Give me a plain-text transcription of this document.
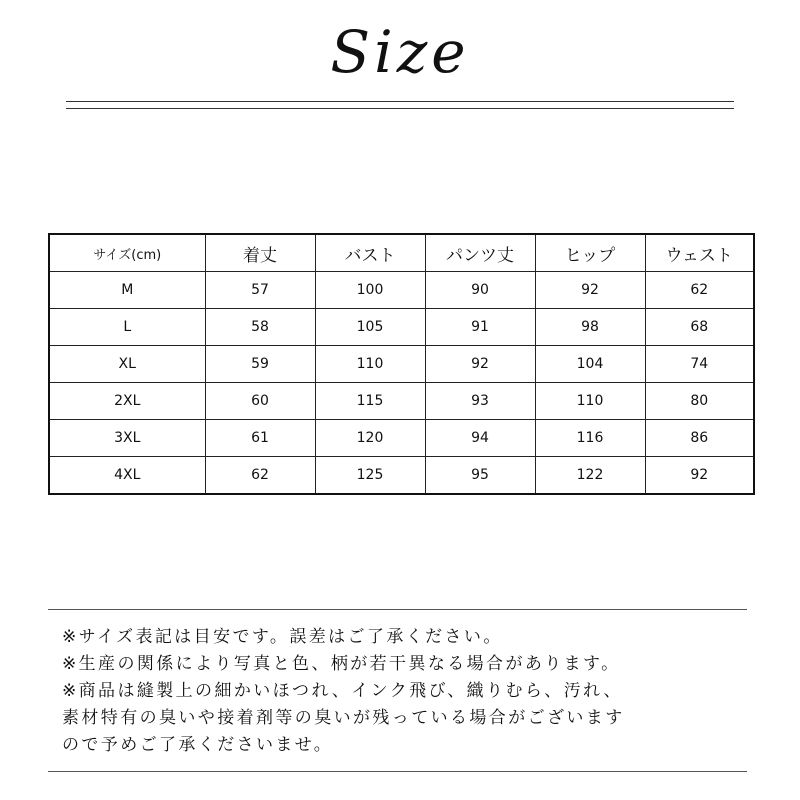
Size
サイズ(cm)	着丈	バスト	パンツ丈	ヒップ	ウェスト
M	57	100	90	92	62
L	58	105	91	98	68
XL	59	110	92	104	74
2XL	60	115	93	110	80
3XL	61	120	94	116	86
4XL	62	125	95	122	92
※サイズ表記は目安です。誤差はご了承ください。
※生産の関係により写真と色、柄が若干異なる場合があります。
※商品は縫製上の細かいほつれ、インク飛び、織りむら、汚れ、
素材特有の臭いや接着剤等の臭いが残っている場合がございます
ので予めご了承くださいませ。
